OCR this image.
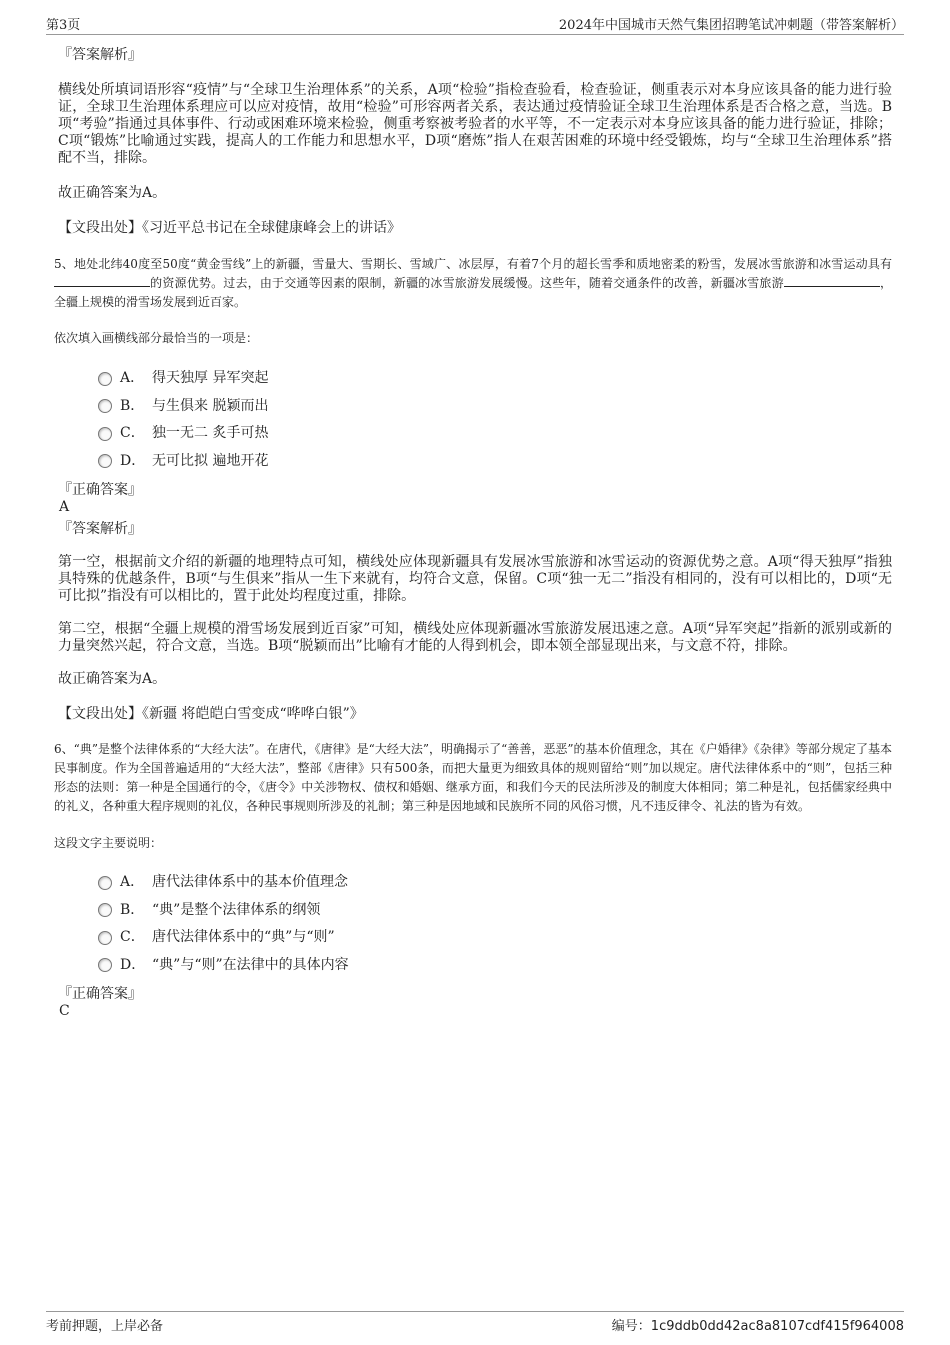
第3页	2024年中国城市天然气集团招聘笔试冲刺题（带答案解析）

『答案解析』

横线处所填词语形容“疫情”与“全球卫生治理体系”的关系，A项“检验”指检查验看，检查验证，侧重表示对本身应该具备的能力进行验证，全球卫生治理体系理应可以应对疫情，故用“检验”可形容两者关系，表达通过疫情验证全球卫生治理体系是否合格之意，当选。B项“考验”指通过具体事件、行动或困难环境来检验，侧重考察被考验者的水平等，不一定表示对本身应该具备的能力进行验证，排除；C项“锻炼”比喻通过实践，提高人的工作能力和思想水平，D项“磨炼”指人在艰苦困难的环境中经受锻炼，均与“全球卫生治理体系”搭配不当，排除。

故正确答案为A。

【文段出处】《习近平总书记在全球健康峰会上的讲话》

5、地处北纬40度至50度“黄金雪线”上的新疆，雪量大、雪期长、雪域广、冰层厚，有着7个月的超长雪季和质地密柔的粉雪，发展冰雪旅游和冰雪运动具有的资源优势。过去，由于交通等因素的限制，新疆的冰雪旅游发展缓慢。这些年，随着交通条件的改善，新疆冰雪旅游	，全疆上规模的滑雪场发展到近百家。

依次填入画横线部分最恰当的一项是：

A． 得天独厚 异军突起
B． 与生俱来 脱颖而出
C． 独一无二 炙手可热
D． 无可比拟 遍地开花

『正确答案』

A

『答案解析』

第一空，根据前文介绍的新疆的地理特点可知，横线处应体现新疆具有发展冰雪旅游和冰雪运动的资源优势之意。A项“得天独厚”指独具特殊的优越条件，B项“与生俱来”指从一生下来就有，均符合文意，保留。C项“独一无二”指没有相同的，没有可以相比的，D项“无可比拟”指没有可以相比的，置于此处均程度过重，排除。

第二空，根据“全疆上规模的滑雪场发展到近百家”可知，横线处应体现新疆冰雪旅游发展迅速之意。A项“异军突起”指新的派别或新的力量突然兴起，符合文意，当选。B项“脱颖而出”比喻有才能的人得到机会，即本领全部显现出来，与文意不符，排除。

故正确答案为A。

【文段出处】《新疆 将皑皑白雪变成“哗哗白银”》

6、“典”是整个法律体系的“大经大法”。在唐代，《唐律》是“大经大法”，明确揭示了“善善，恶恶”的基本价值理念，其在《户婚律》《杂律》等部分规定了基本民事制度。作为全国普遍适用的“大经大法”，整部《唐律》只有500条，而把大量更为细致具体的规则留给“则”加以规定。唐代法律体系中的“则”，包括三种形态的法则：第一种是全国通行的令，《唐令》中关涉物权、债权和婚姻、继承方面，和我们今天的民法所涉及的制度大体相同；第二种是礼，包括儒家经典中的礼义，各种重大程序规则的礼仪，各种民事规则所涉及的礼制；第三种是因地域和民族所不同的风俗习惯，凡不违反律令、礼法的皆为有效。

这段文字主要说明：

A． 唐代法律体系中的基本价值理念
B． “典”是整个法律体系的纲领
C． 唐代法律体系中的“典”与“则”
D． “典”与“则”在法律中的具体内容

『正确答案』

C

考前押题，上岸必备	编号：1c9ddb0dd42ac8a8107cdf415f964008
